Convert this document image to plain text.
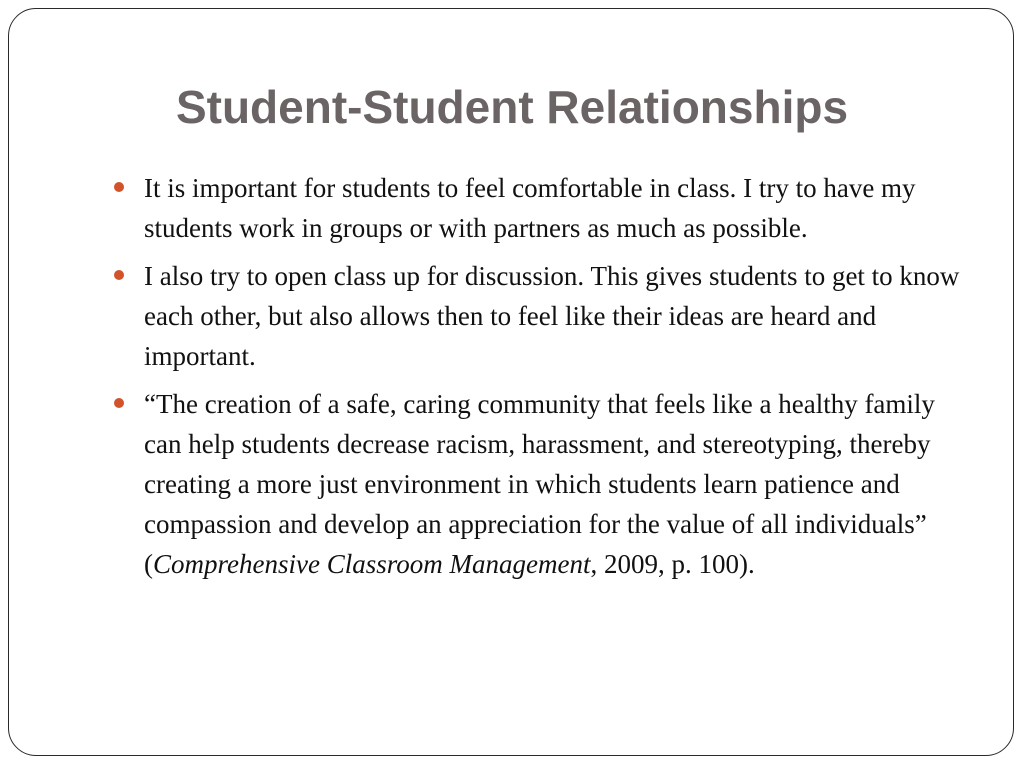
Student-Student Relationships
It is important for students to feel comfortable in class. I try to have my students work in groups or with partners as much as possible.
I also try to open class up for discussion. This gives students to get to know each other, but also allows then to feel like their ideas are heard and important.
“The creation of a safe, caring community that feels like a healthy family can help students decrease racism, harassment, and stereotyping, thereby creating a more just environment in which students learn patience and compassion and develop an appreciation for the value of all individuals” (Comprehensive Classroom Management, 2009, p. 100).
